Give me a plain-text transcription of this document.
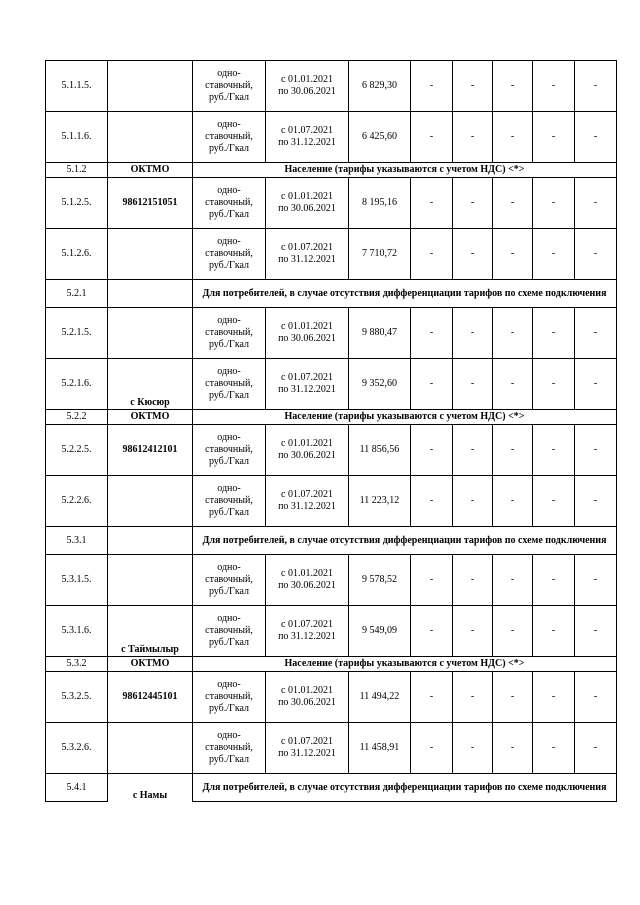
5.1.1.5.		одно-
ставочный,
руб./Гкал	с 01.01.2021
по 30.06.2021	6 829,30	-	-	-	-	-
5.1.1.6.		одно-
ставочный,
руб./Гкал	с 01.07.2021
по 31.12.2021	6 425,60	-	-	-	-	-
5.1.2	ОКТМО	Население (тарифы указываются с учетом НДС) <*>							
5.1.2.5.	98612151051	одно-
ставочный,
руб./Гкал	с 01.01.2021
по 30.06.2021	8 195,16	-	-	-	-	-
5.1.2.6.		одно-
ставочный,
руб./Гкал	с 01.07.2021
по 31.12.2021	7 710,72	-	-	-	-	-
5.2.1		Для потребителей, в случае отсутствия дифференциации тарифов по схеме подключения							
5.2.1.5.		одно-
ставочный,
руб./Гкал	с 01.01.2021
по 30.06.2021	9 880,47	-	-	-	-	-
5.2.1.6.	с Кюсюр	одно-
ставочный,
руб./Гкал	с 01.07.2021
по 31.12.2021	9 352,60	-	-	-	-	-
5.2.2	ОКТМО	Население (тарифы указываются с учетом НДС) <*>							
5.2.2.5.	98612412101	одно-
ставочный,
руб./Гкал	с 01.01.2021
по 30.06.2021	11 856,56	-	-	-	-	-
5.2.2.6.		одно-
ставочный,
руб./Гкал	с 01.07.2021
по 31.12.2021	11 223,12	-	-	-	-	-
5.3.1		Для потребителей, в случае отсутствия дифференциации тарифов по схеме подключения							
5.3.1.5.		одно-
ставочный,
руб./Гкал	с 01.01.2021
по 30.06.2021	9 578,52	-	-	-	-	-
5.3.1.6.	с Таймылыр	одно-
ставочный,
руб./Гкал	с 01.07.2021
по 31.12.2021	9 549,09	-	-	-	-	-
5.3.2	ОКТМО	Население (тарифы указываются с учетом НДС) <*>							
5.3.2.5.	98612445101	одно-
ставочный,
руб./Гкал	с 01.01.2021
по 30.06.2021	11 494,22	-	-	-	-	-
5.3.2.6.		одно-
ставочный,
руб./Гкал	с 01.07.2021
по 31.12.2021	11 458,91	-	-	-	-	-
5.4.1	с Намы	Для потребителей, в случае отсутствия дифференциации тарифов по схеме подключения							
